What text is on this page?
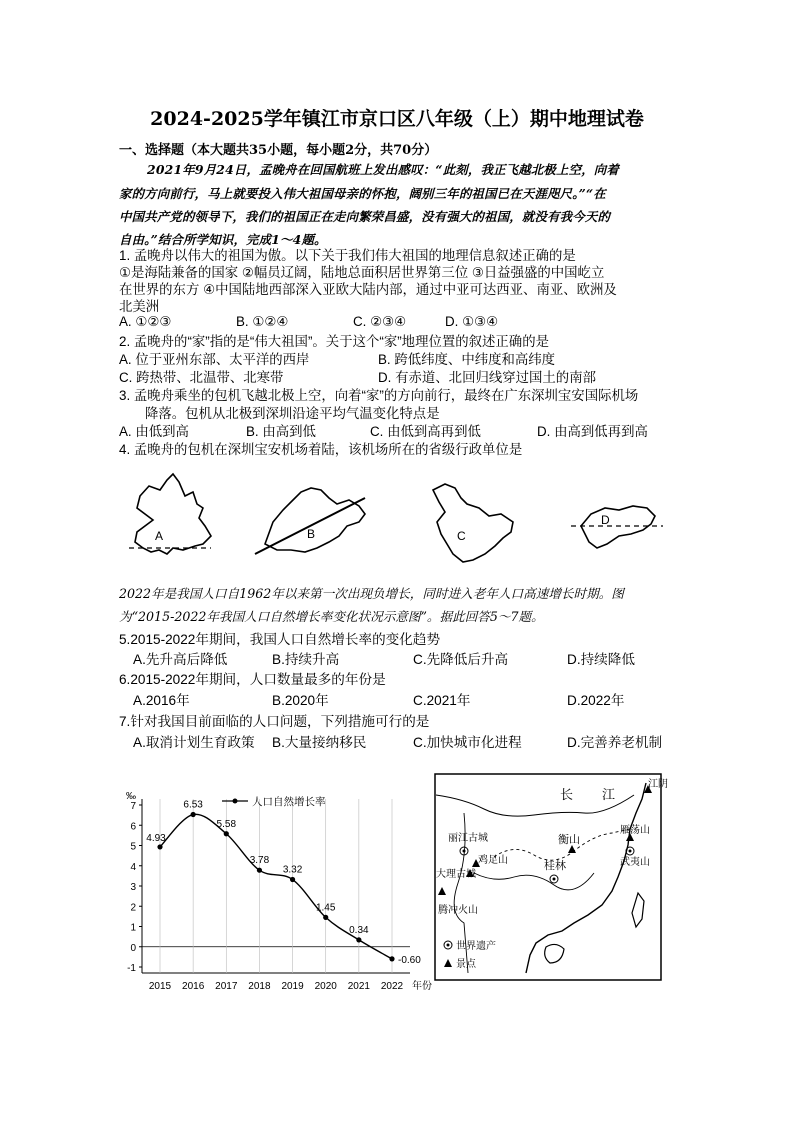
2024-2025学年镇江市京口区八年级（上）期中地理试卷
一、选择题（本大题共35小题，每小题2分，共70分）
2021年9月24日，孟晚舟在回国航班上发出感叹：“此刻，我正飞越北极上空，向着
家的方向前行，马上就要投入伟大祖国母亲的怀抱，阔别三年的祖国已在天涯咫尺。”“在
中国共产党的领导下，我们的祖国正在走向繁荣昌盛，没有强大的祖国，就没有我今天的
自由。”结合所学知识，完成1～4题。
1. 孟晚舟以伟大的祖国为傲。以下关于我们伟大祖国的地理信息叙述正确的是
①是海陆兼备的国家 ②幅员辽阔，陆地总面积居世界第三位 ③日益强盛的中国屹立
在世界的东方 ④中国陆地西部深入亚欧大陆内部，通过中亚可达西亚、南亚、欧洲及
北美洲
A. ①②③	B. ①②④	C. ②③④	D. ①③④
2. 孟晚舟的“家”指的是“伟大祖国”。关于这个“家”地理位置的叙述正确的是
A. 位于亚州东部、太平洋的西岸	B. 跨低纬度、中纬度和高纬度
C. 跨热带、北温带、北寒带	D. 有赤道、北回归线穿过国土的南部
3. 孟晚舟乘坐的包机飞越北极上空，向着“家”的方向前行，最终在广东深圳宝安国际机场
降落。包机从北极到深圳沿途平均气温变化特点是
A. 由低到高	B. 由高到低	C. 由低到高再到低	D. 由高到低再到高
4. 孟晚舟的包机在深圳宝安机场着陆，该机场所在的省级行政单位是
A	B	C
D
2022年是我国人口自1962年以来第一次出现负增长，同时进入老年人口高速增长时期。图
为“2015-2022年我国人口自然增长率变化状况示意图”。据此回答5～7题。
5.2015-2022年期间，我国人口自然增长率的变化趋势
A.先升高后降低	B.持续升高	C.先降低后升高	D.持续降低
6.2015-2022年期间，人口数量最多的年份是
A.2016年	B.2020年	C.2021年	D.2022年
7.针对我国目前面临的人口问题，下列措施可行的是
A.取消计划生育政策 B.大量接纳移民	C.加快城市化进程	D.完善养老机制
7
6
5
4
3
2
1
0
-1
‰
2015 2016 2017 2018 2019 2020 2021 2022 年份
人口自然增长率
4.93
6.53
5.58
3.78
3.32
1.45
0.34
-0.60
江阴
长 江
衡山
雁荡山
丽江古城
鸡足山
大理古城
桂林	武夷山
腾冲火山
世界遗产
景点
